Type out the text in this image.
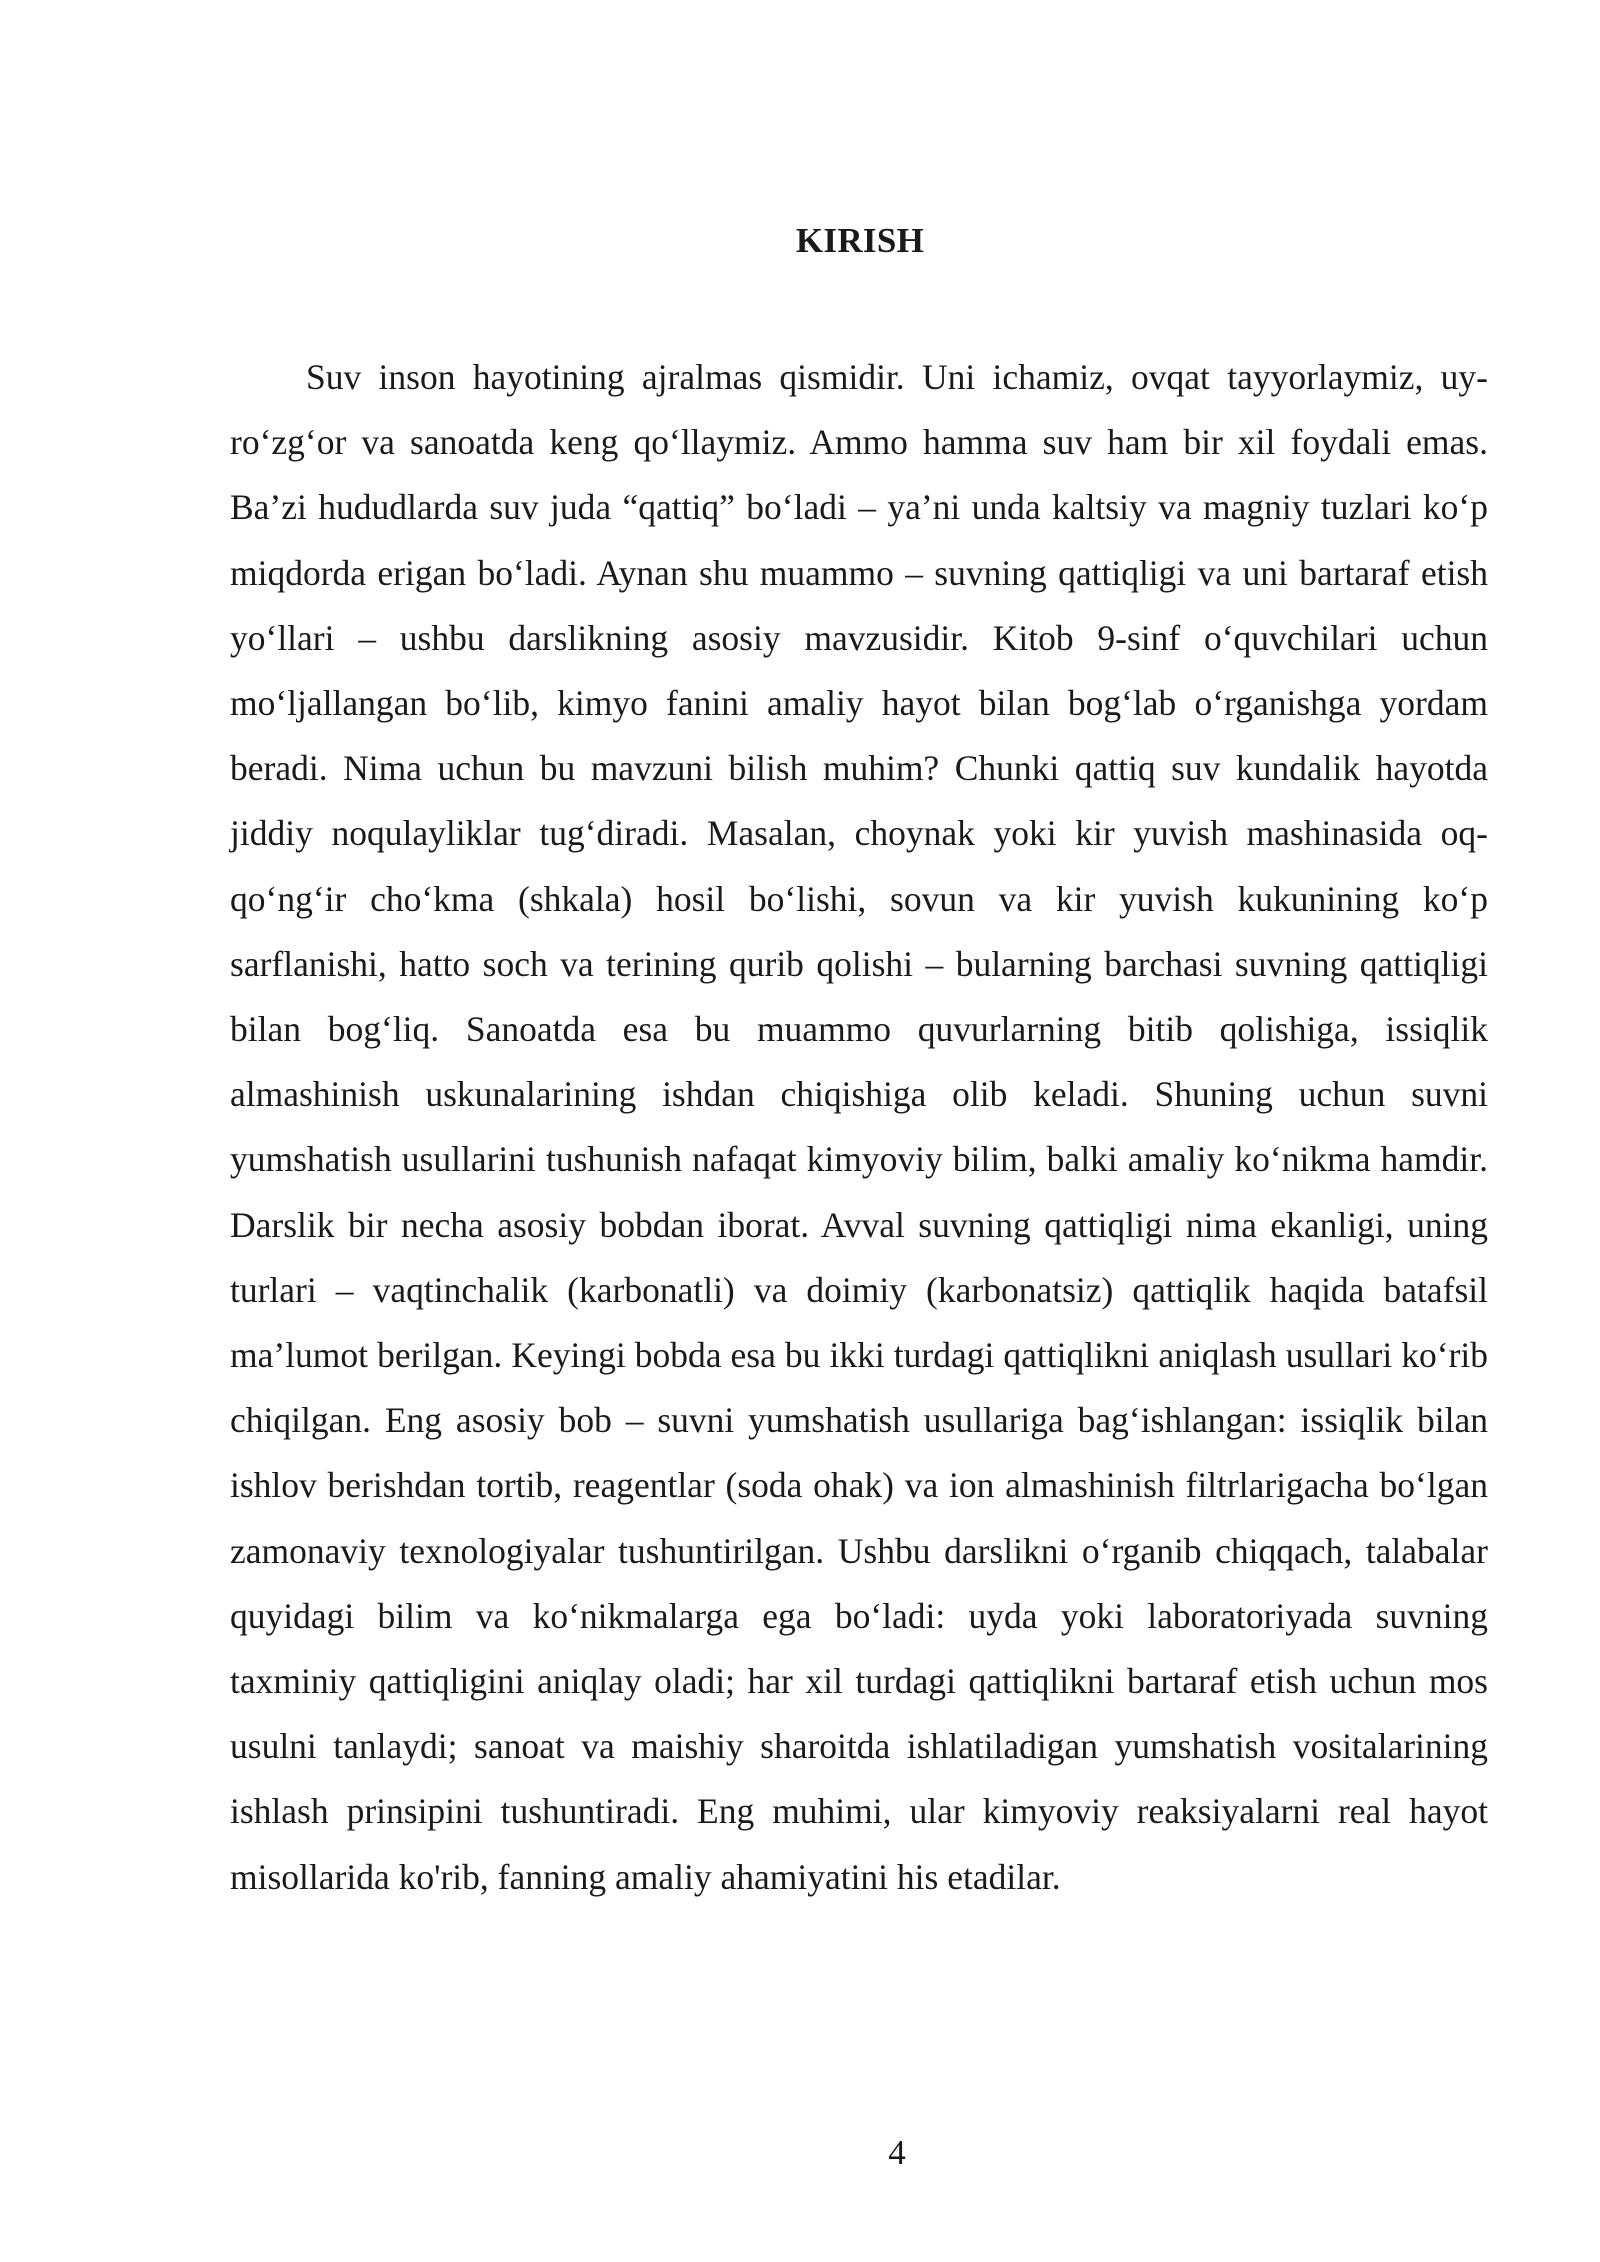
KIRISH

Suv inson hayotining ajralmas qismidir. Uni ichamiz, ovqat tayyorlaymiz, uy-ro‘zg‘or va sanoatda keng qo‘llaymiz. Ammo hamma suv ham bir xil foydali emas. Ba’zi hududlarda suv juda “qattiq” bo‘ladi – ya’ni unda kaltsiy va magniy tuzlari ko‘p miqdorda erigan bo‘ladi. Aynan shu muammo – suvning qattiqligi va uni bartaraf etish yo‘llari – ushbu darslikning asosiy mavzusidir. Kitob 9-sinf o‘quvchilari uchun mo‘ljallangan bo‘lib, kimyo fanini amaliy hayot bilan bog‘lab o‘rganishga yordam beradi. Nima uchun bu mavzuni bilish muhim? Chunki qattiq suv kundalik hayotda jiddiy noqulayliklar tug‘diradi. Masalan, choynak yoki kir yuvish mashinasida oq-qo‘ng‘ir cho‘kma (shkala) hosil bo‘lishi, sovun va kir yuvish kukunining ko‘p sarflanishi, hatto soch va terining qurib qolishi – bularning barchasi suvning qattiqligi bilan bog‘liq. Sanoatda esa bu muammo quvurlarning bitib qolishiga, issiqlik almashinish uskunalarining ishdan chiqishiga olib keladi. Shuning uchun suvni yumshatish usullarini tushunish nafaqat kimyoviy bilim, balki amaliy ko‘nikma hamdir. Darslik bir necha asosiy bobdan iborat. Avval suvning qattiqligi nima ekanligi, uning turlari – vaqtinchalik (karbonatli) va doimiy (karbonatsiz) qattiqlik haqida batafsil ma’lumot berilgan. Keyingi bobda esa bu ikki turdagi qattiqlikni aniqlash usullari ko‘rib chiqilgan. Eng asosiy bob – suvni yumshatish usullariga bag‘ishlangan: issiqlik bilan ishlov berishdan tortib, reagentlar (soda ohak) va ion almashinish filtrlarigacha bo‘lgan zamonaviy texnologiyalar tushuntirilgan. Ushbu darslikni o‘rganib chiqqach, talabalar quyidagi bilim va ko‘nikmalarga ega bo‘ladi: uyda yoki laboratoriyada suvning taxminiy qattiqligini aniqlay oladi; har xil turdagi qattiqlikni bartaraf etish uchun mos usulni tanlaydi; sanoat va maishiy sharoitda ishlatiladigan yumshatish vositalarining ishlash prinsipini tushuntiradi. Eng muhimi, ular kimyoviy reaksiyalarni real hayot misollarida ko'rib, fanning amaliy ahamiyatini his etadilar.

4
